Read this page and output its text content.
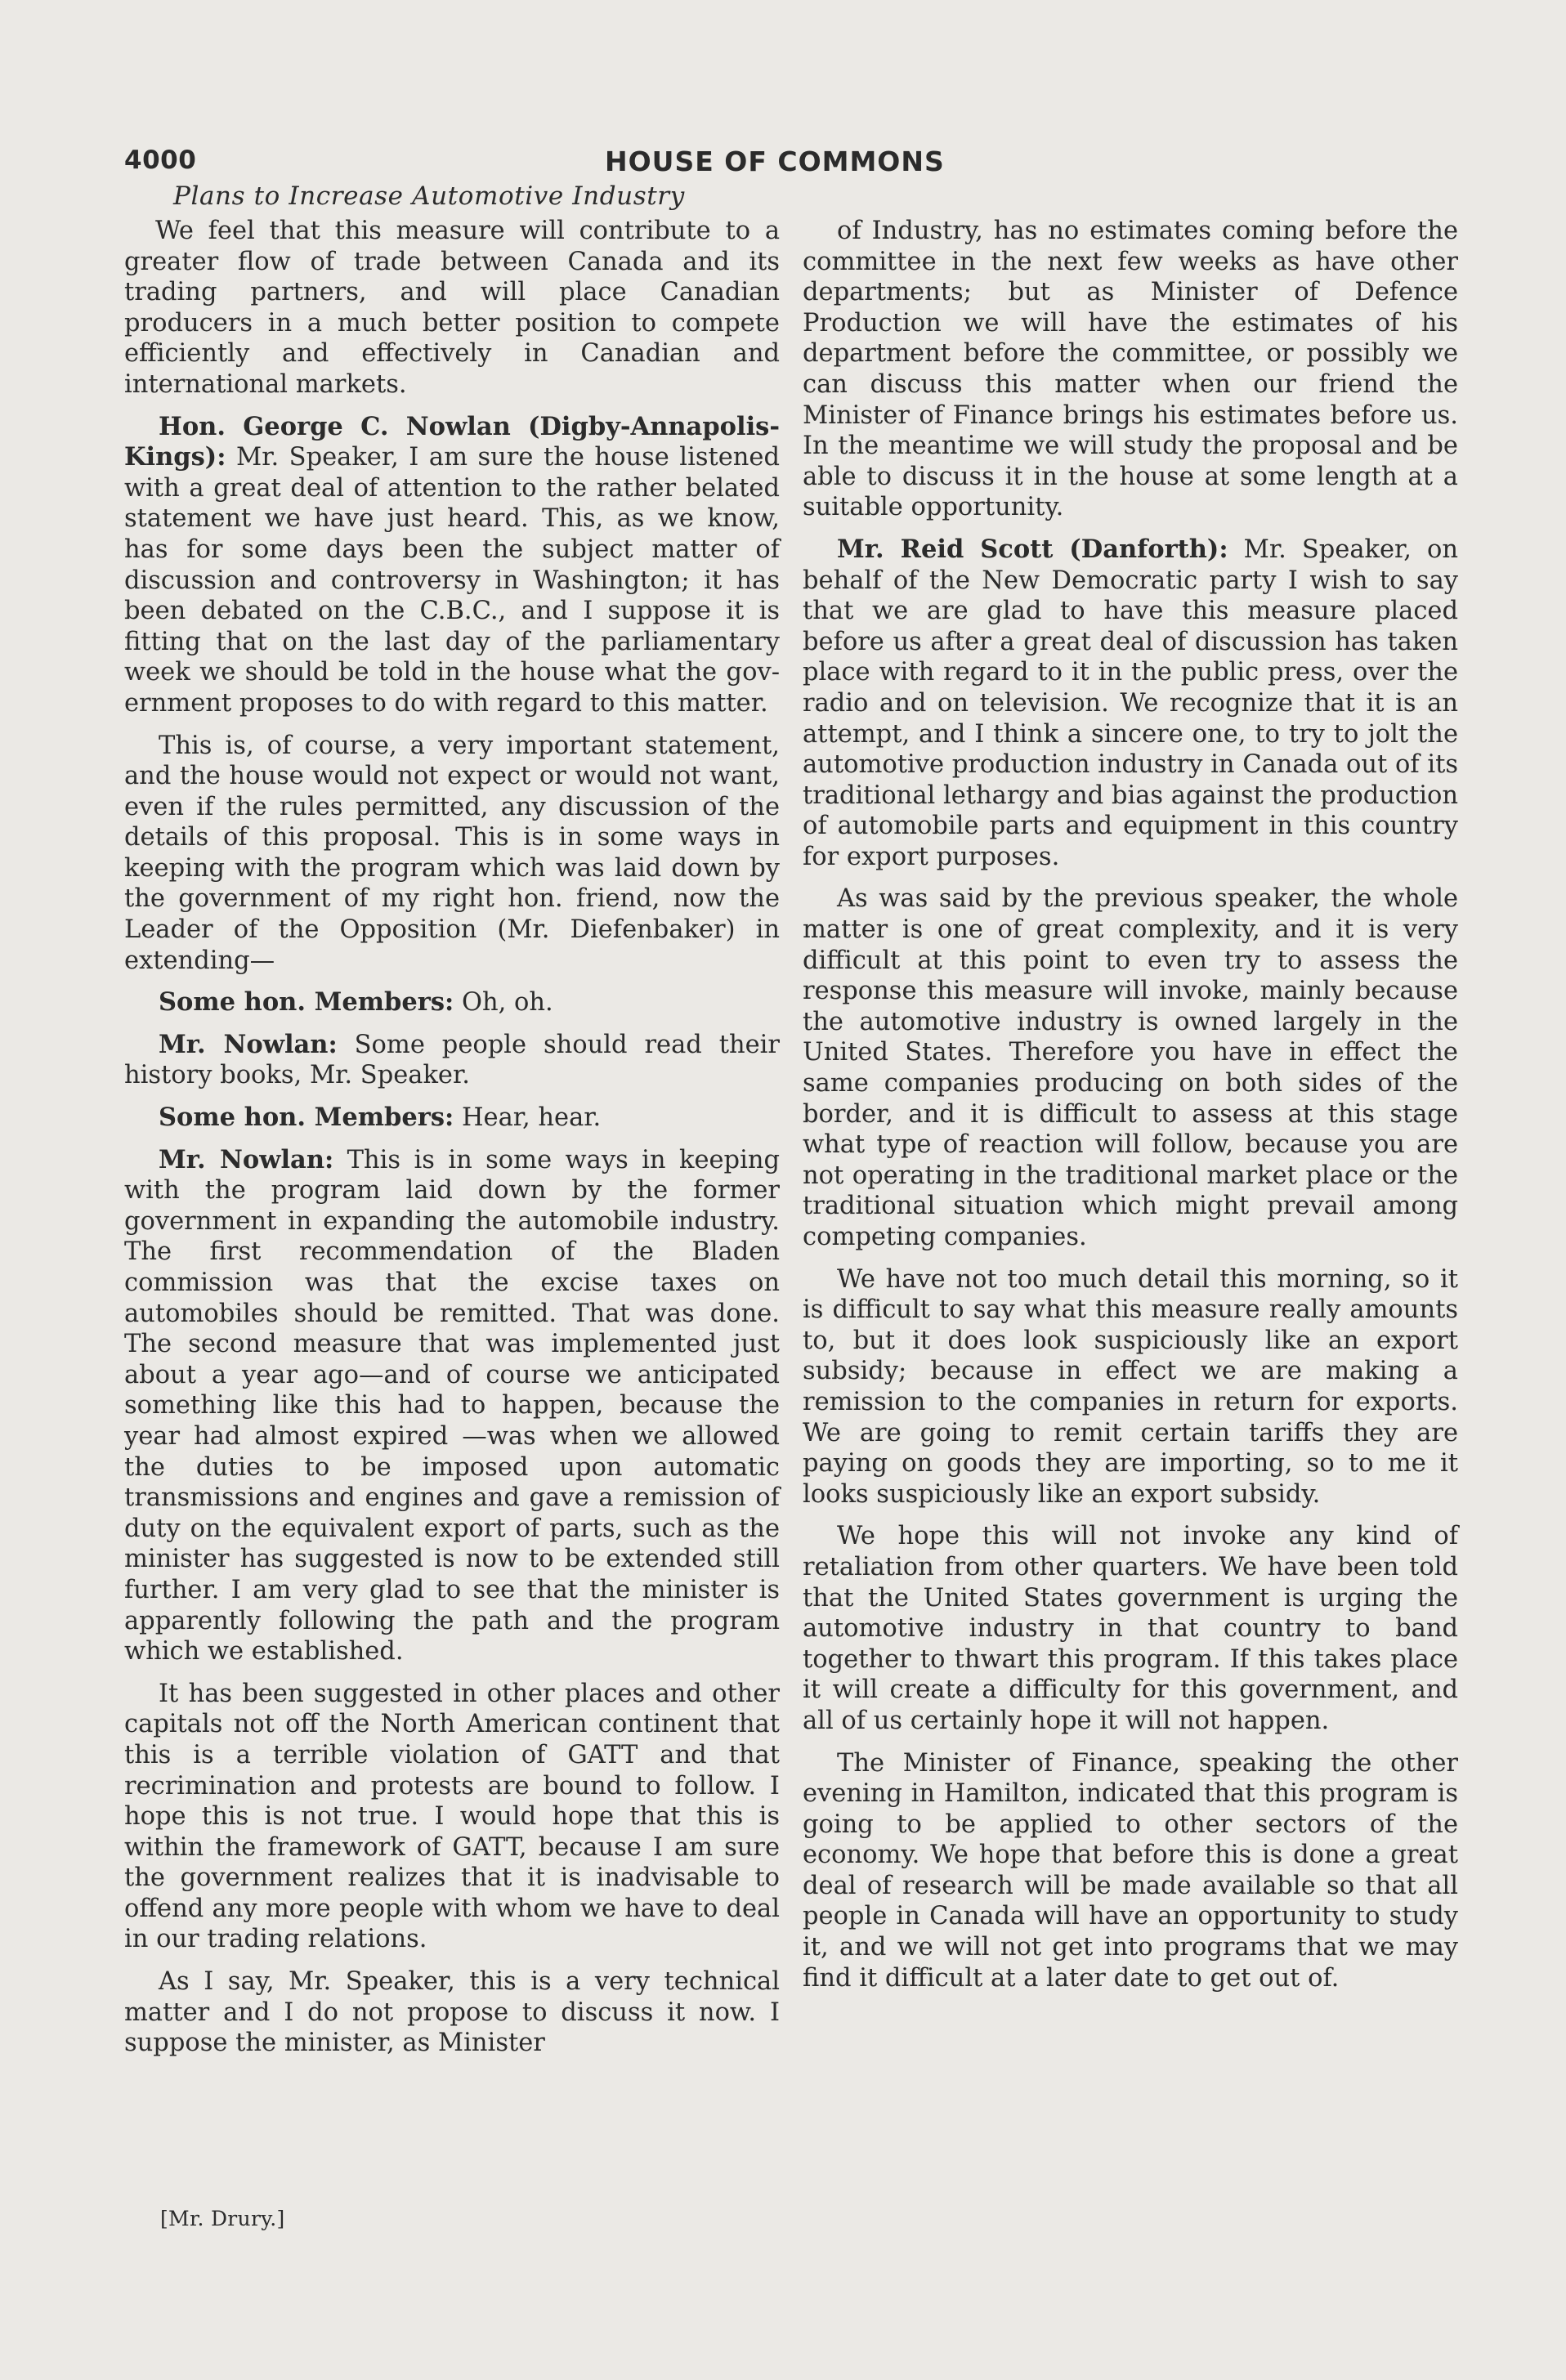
4000	HOUSE OF COMMONS
Plans to Increase Automotive Industry

We feel that this measure will contribute to a greater flow of trade between Canada and its trading partners, and will place Canadian producers in a much better position to compete efficiently and effectively in Canadian and international markets.

Hon. George C. Nowlan (Digby-Annapolis-Kings): Mr. Speaker, I am sure the house listened with a great deal of attention to the rather belated statement we have just heard. This, as we know, has for some days been the subject matter of discussion and controversy in Washington; it has been debated on the C.B.C., and I suppose it is fitting that on the last day of the parliamentary week we should be told in the house what the government proposes to do with regard to this matter.

This is, of course, a very important statement, and the house would not expect or would not want, even if the rules permitted, any discussion of the details of this proposal. This is in some ways in keeping with the program which was laid down by the government of my right hon. friend, now the Leader of the Opposition (Mr. Diefenbaker) in extending—

Some hon. Members: Oh, oh.

Mr. Nowlan: Some people should read their history books, Mr. Speaker.

Some hon. Members: Hear, hear.

Mr. Nowlan: This is in some ways in keeping with the program laid down by the former government in expanding the automobile industry. The first recommendation of the Bladen commission was that the excise taxes on automobiles should be remitted. That was done. The second measure that was implemented just about a year ago—and of course we anticipated something like this had to happen, because the year had almost expired —was when we allowed the duties to be imposed upon automatic transmissions and engines and gave a remission of duty on the equivalent export of parts, such as the minister has suggested is now to be extended still further. I am very glad to see that the minister is apparently following the path and the program which we established.

It has been suggested in other places and other capitals not off the North American continent that this is a terrible violation of GATT and that recrimination and protests are bound to follow. I hope this is not true. I would hope that this is within the framework of GATT, because I am sure the government realizes that it is inadvisable to offend any more people with whom we have to deal in our trading relations.

As I say, Mr. Speaker, this is a very technical matter and I do not propose to discuss it now. I suppose the minister, as Minister

of Industry, has no estimates coming before the committee in the next few weeks as have other departments; but as Minister of Defence Production we will have the estimates of his department before the committee, or possibly we can discuss this matter when our friend the Minister of Finance brings his estimates before us. In the meantime we will study the proposal and be able to discuss it in the house at some length at a suitable opportunity.

Mr. Reid Scott (Danforth): Mr. Speaker, on behalf of the New Democratic party I wish to say that we are glad to have this measure placed before us after a great deal of discussion has taken place with regard to it in the public press, over the radio and on television. We recognize that it is an attempt, and I think a sincere one, to try to jolt the automotive production industry in Canada out of its traditional lethargy and bias against the production of automobile parts and equipment in this country for export purposes.

As was said by the previous speaker, the whole matter is one of great complexity, and it is very difficult at this point to even try to assess the response this measure will invoke, mainly because the automotive industry is owned largely in the United States. Therefore you have in effect the same companies producing on both sides of the border, and it is difficult to assess at this stage what type of reaction will follow, because you are not operating in the traditional market place or the traditional situation which might prevail among competing companies.

We have not too much detail this morning, so it is difficult to say what this measure really amounts to, but it does look suspiciously like an export subsidy; because in effect we are making a remission to the companies in return for exports. We are going to remit certain tariffs they are paying on goods they are importing, so to me it looks suspiciously like an export subsidy.

We hope this will not invoke any kind of retaliation from other quarters. We have been told that the United States government is urging the automotive industry in that country to band together to thwart this program. If this takes place it will create a difficulty for this government, and all of us certainly hope it will not happen.

The Minister of Finance, speaking the other evening in Hamilton, indicated that this program is going to be applied to other sectors of the economy. We hope that before this is done a great deal of research will be made available so that all people in Canada will have an opportunity to study it, and we will not get into programs that we may find it difficult at a later date to get out of.

[Mr. Drury.]
